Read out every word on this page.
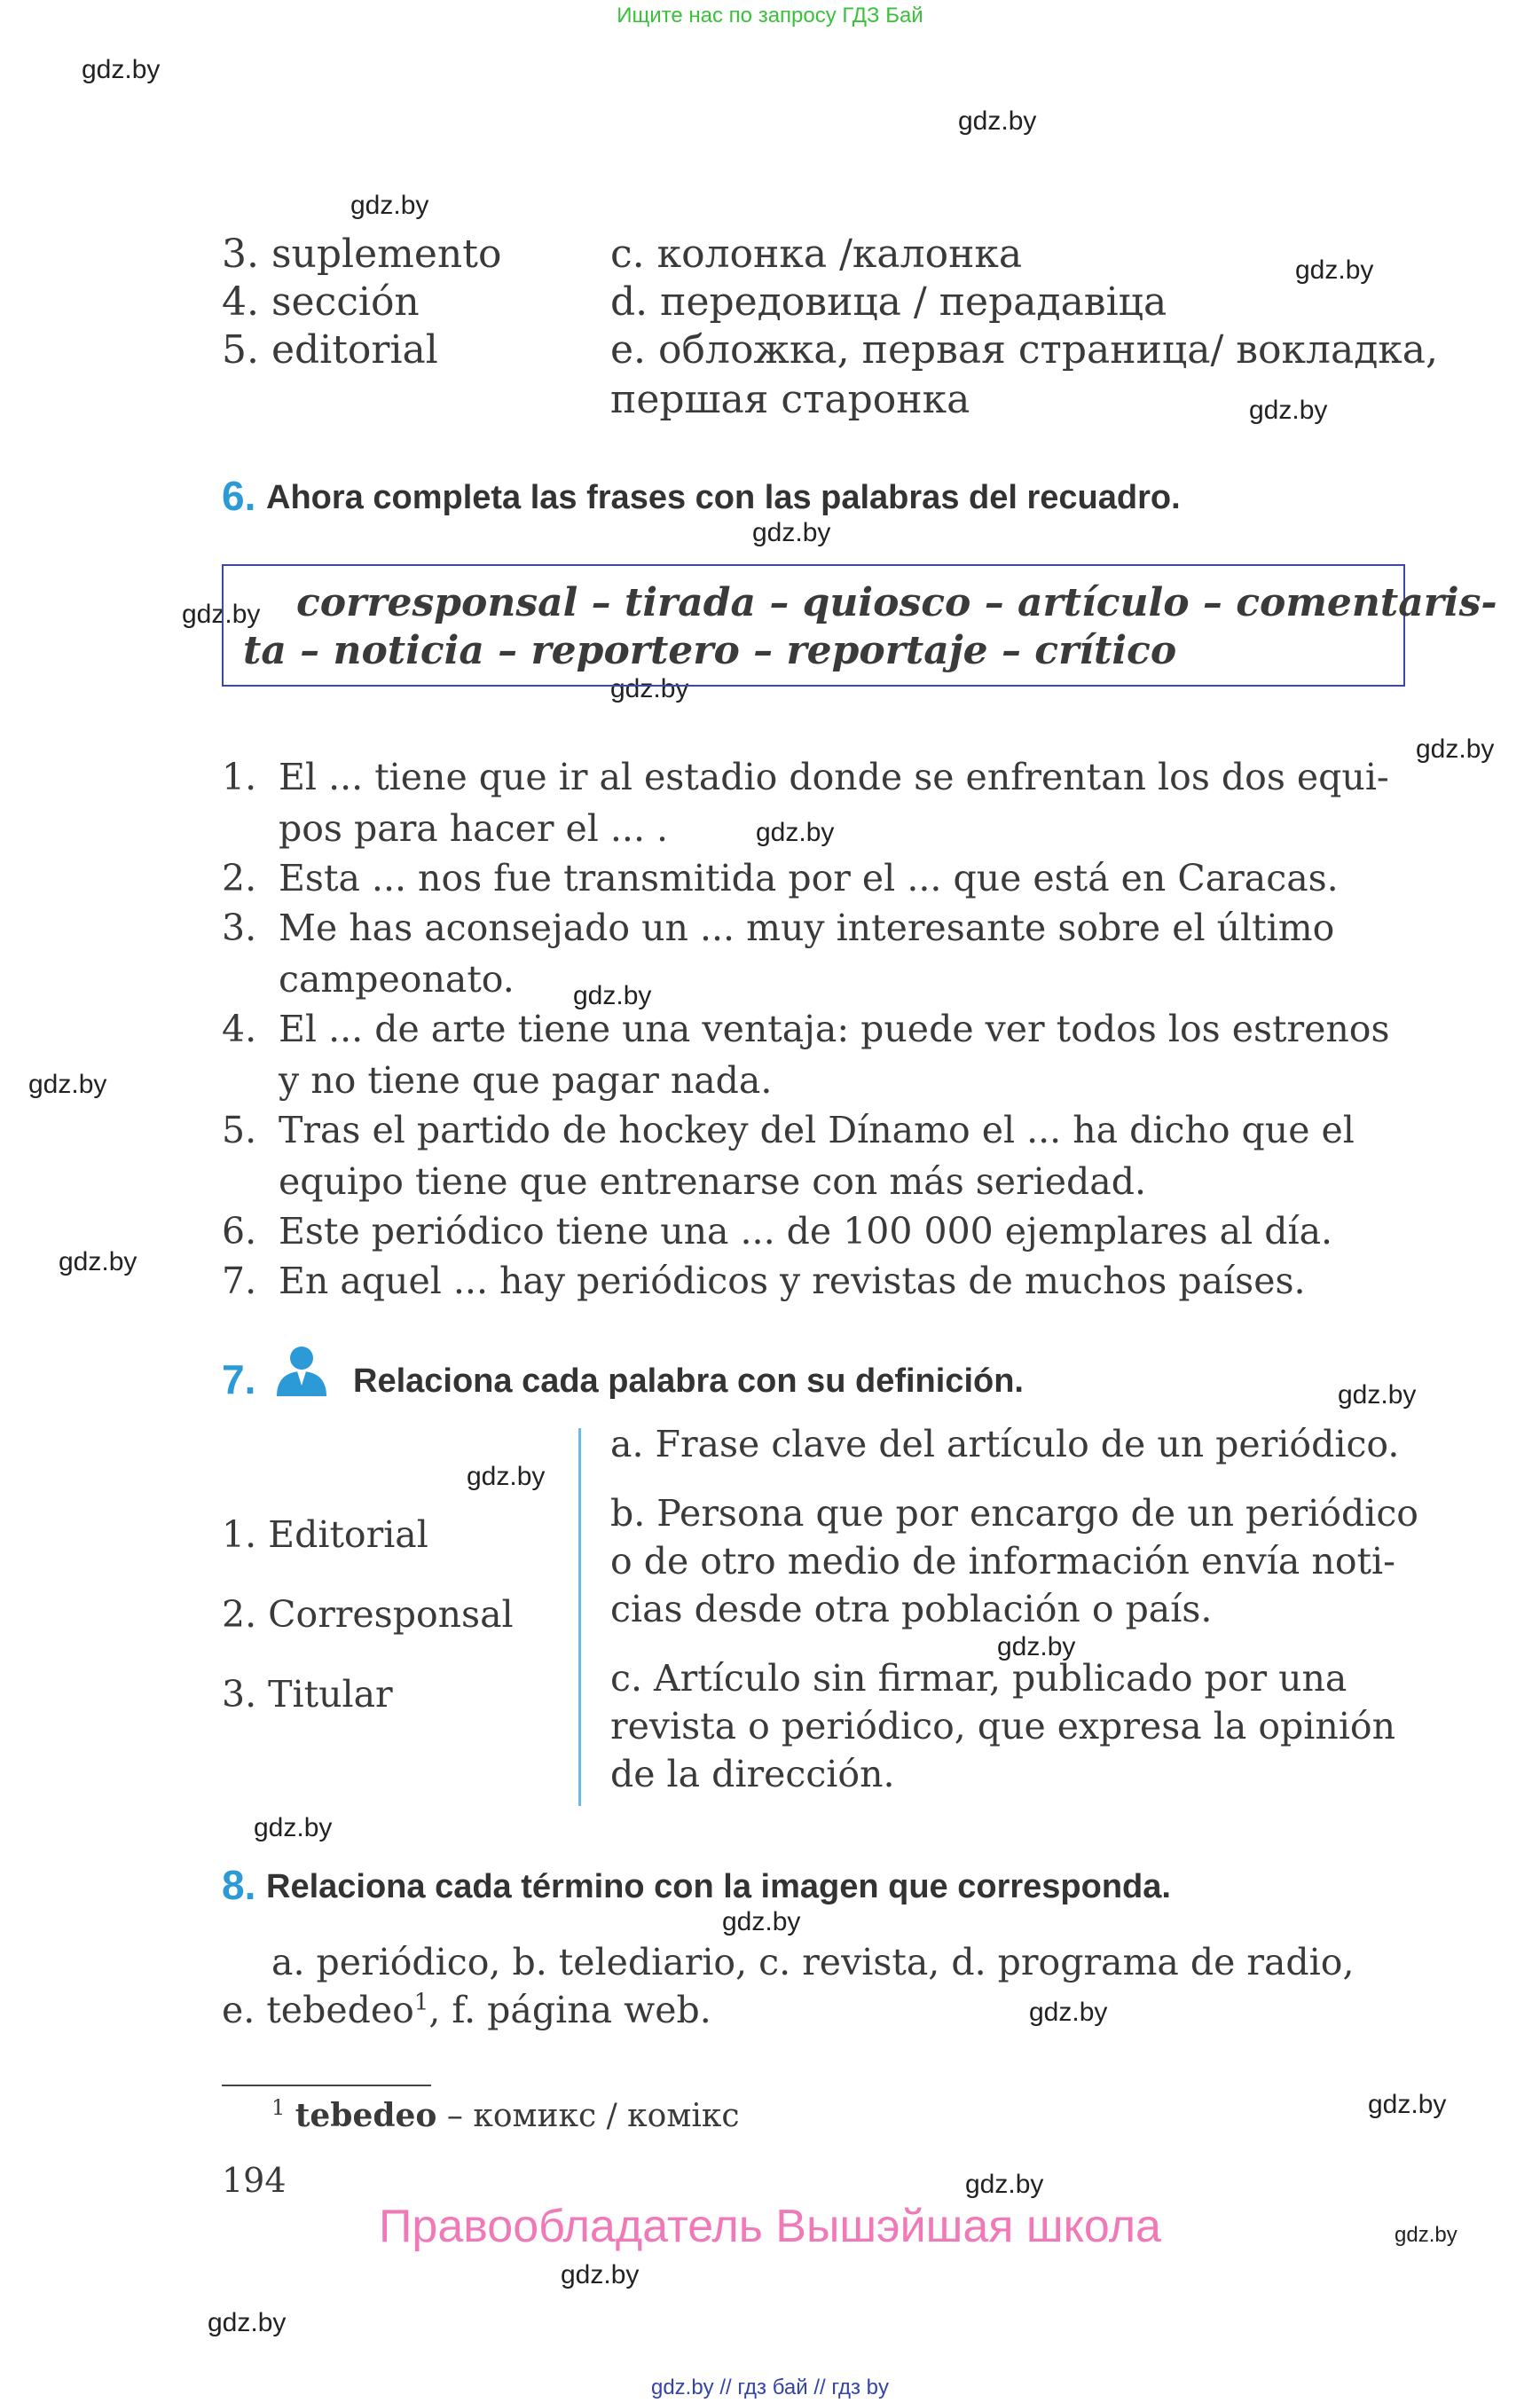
Ищите нас по запросу ГДЗ Бай
gdz.by
gdz.by
gdz.by
gdz.by
gdz.by
gdz.by
gdz.by
gdz.by
gdz.by
gdz.by
gdz.by
gdz.by
gdz.by
gdz.by
gdz.by
gdz.by
gdz.by
gdz.by
gdz.by
gdz.by
gdz.by
gdz.by
gdz.by
gdz.by
3. suplemento
4. sección
5. editorial
c. колонка /калонка
d. передовица / перадавіца
e. обложка, первая страница/ вокладка,
першая старонка
6. Ahora completa las frases con las palabras del recuadro.
corresponsal – tirada – quiosco – artículo – comentaris-
ta – noticia – reportero – reportaje – crítico
1. El ... tiene que ir al estadio donde se enfrentan los dos equi-
pos para hacer el ... .
2. Esta ... nos fue transmitida por el ... que está en Caracas.
3. Me has aconsejado un ... muy interesante sobre el último
campeonato.
4. El ... de arte tiene una ventaja: puede ver todos los estrenos
y no tiene que pagar nada.
5. Tras el partido de hockey del Dínamo el ... ha dicho que el
equipo tiene que entrenarse con más seriedad.
6. Este periódico tiene una ... de 100 000 ejemplares al día.
7. En aquel ... hay periódicos y revistas de muchos países.
7.	Relaciona cada palabra con su definición.
1. Editorial
2. Corresponsal
3. Titular
a. Frase clave del artículo de un periódico.
b. Persona que por encargo de un periódico
o de otro medio de información envía noti-
cias desde otra población o país.
c. Artículo sin firmar, publicado por una
revista o periódico, que expresa la opinión
de la dirección.
8. Relaciona cada término con la imagen que corresponda.
a. periódico, b. telediario, c. revista, d. programa de radio,
e. tebedeo$^1$, f. página web.
$^1$ tebedeo – комикс / комікс
194
Правообладатель Вышэйшая школа
gdz.by // гдз бай // гдз by
